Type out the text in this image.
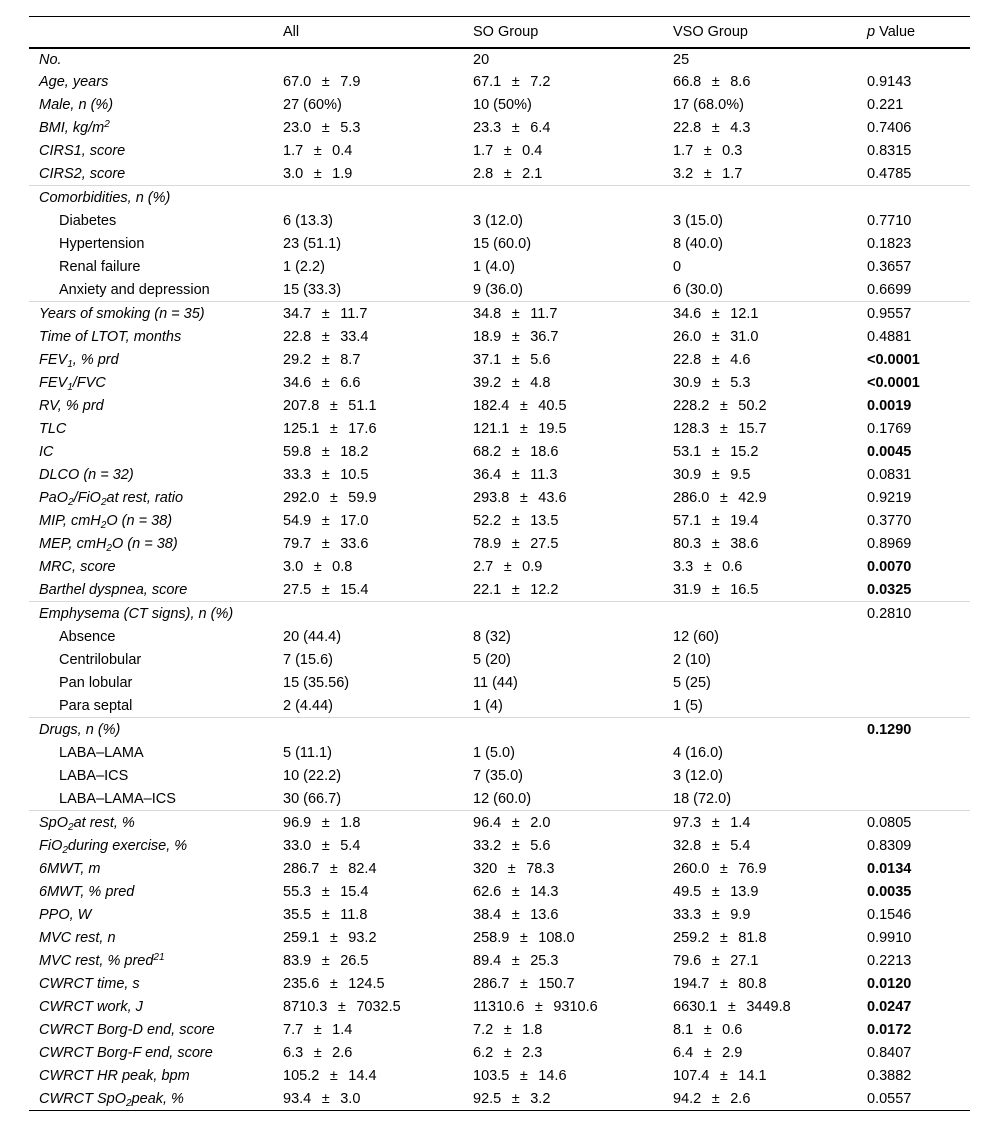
	All	SO Group	VSO Group	p Value
No.		20	25	
Age, years	67.0 ± 7.9	67.1 ± 7.2	66.8 ± 8.6	0.9143
Male, n (%)	27 (60%)	10 (50%)	17 (68.0%)	0.221
BMI, $kg/m^2$	23.0 ± 5.3	23.3 ± 6.4	22.8 ± 4.3	0.7406
CIRS1, score	1.7 ± 0.4	1.7 ± 0.4	1.7 ± 0.3	0.8315
CIRS2, score	3.0 ± 1.9	2.8 ± 2.1	3.2 ± 1.7	0.4785
Comorbidities, n (%)				
Diabetes	6 (13.3)	3 (12.0)	3 (15.0)	0.7710
Hypertension	23 (51.1)	15 (60.0)	8 (40.0)	0.1823
Renal failure	1 (2.2)	1 (4.0)	0	0.3657
Anxiety and depression	15 (33.3)	9 (36.0)	6 (30.0)	0.6699
Years of smoking (n = 35)	34.7 ± 11.7	34.8 ± 11.7	34.6 ± 12.1	0.9557
Time of LTOT, months	22.8 ± 33.4	18.9 ± 36.7	26.0 ± 31.0	0.4881
$FEV_1$, % prd	29.2 ± 8.7	37.1 ± 5.6	22.8 ± 4.6	<0.0001
$FEV_1$/FVC	34.6 ± 6.6	39.2 ± 4.8	30.9 ± 5.3	<0.0001
RV, % prd	207.8 ± 51.1	182.4 ± 40.5	228.2 ± 50.2	0.0019
TLC	125.1 ± 17.6	121.1 ± 19.5	128.3 ± 15.7	0.1769
IC	59.8 ± 18.2	68.2 ± 18.6	53.1 ± 15.2	0.0045
DLCO (n = 32)	33.3 ± 10.5	36.4 ± 11.3	30.9 ± 9.5	0.0831
PaO$_2$/FiO$_2$at rest, ratio	292.0 ± 59.9	293.8 ± 43.6	286.0 ± 42.9	0.9219
MIP, cmH$_2$O (n = 38)	54.9 ± 17.0	52.2 ± 13.5	57.1 ± 19.4	0.3770
MEP, cmH$_2$O (n = 38)	79.7 ± 33.6	78.9 ± 27.5	80.3 ± 38.6	0.8969
MRC, score	3.0 ± 0.8	2.7 ± 0.9	3.3 ± 0.6	0.0070
Barthel dyspnea, score	27.5 ± 15.4	22.1 ± 12.2	31.9 ± 16.5	0.0325
Emphysema (CT signs), n (%)				0.2810
Absence	20 (44.4)	8 (32)	12 (60)	
Centrilobular	7 (15.6)	5 (20)	2 (10)	
Pan lobular	15 (35.56)	11 (44)	5 (25)	
Para septal	2 (4.44)	1 (4)	1 (5)	
Drugs, n (%)				0.1290
LABA–LAMA	5 (11.1)	1 (5.0)	4 (16.0)	
LABA–ICS	10 (22.2)	7 (35.0)	3 (12.0)	
LABA–LAMA–ICS	30 (66.7)	12 (60.0)	18 (72.0)	
SpO$_2$at rest, %	96.9 ± 1.8	96.4 ± 2.0	97.3 ± 1.4	0.0805
FiO$_2$during exercise, %	33.0 ± 5.4	33.2 ± 5.6	32.8 ± 5.4	0.8309
6MWT, m	286.7 ± 82.4	320 ± 78.3	260.0 ± 76.9	0.0134
6MWT, % pred	55.3 ± 15.4	62.6 ± 14.3	49.5 ± 13.9	0.0035
PPO, W	35.5 ± 11.8	38.4 ± 13.6	33.3 ± 9.9	0.1546
MVC rest, n	259.1 ± 93.2	258.9 ± 108.0	259.2 ± 81.8	0.9910
MVC rest, % pred$^{21}$	83.9 ± 26.5	89.4 ± 25.3	79.6 ± 27.1	0.2213
CWRCT time, s	235.6 ± 124.5	286.7 ± 150.7	194.7 ± 80.8	0.0120
CWRCT work, J	8710.3 ± 7032.5	11310.6 ± 9310.6	6630.1 ± 3449.8	0.0247
CWRCT Borg-D end, score	7.7 ± 1.4	7.2 ± 1.8	8.1 ± 0.6	0.0172
CWRCT Borg-F end, score	6.3 ± 2.6	6.2 ± 2.3	6.4 ± 2.9	0.8407
CWRCT HR peak, bpm	105.2 ± 14.4	103.5 ± 14.6	107.4 ± 14.1	0.3882
CWRCT SpO$_2$peak, %	93.4 ± 3.0	92.5 ± 3.2	94.2 ± 2.6	0.0557
